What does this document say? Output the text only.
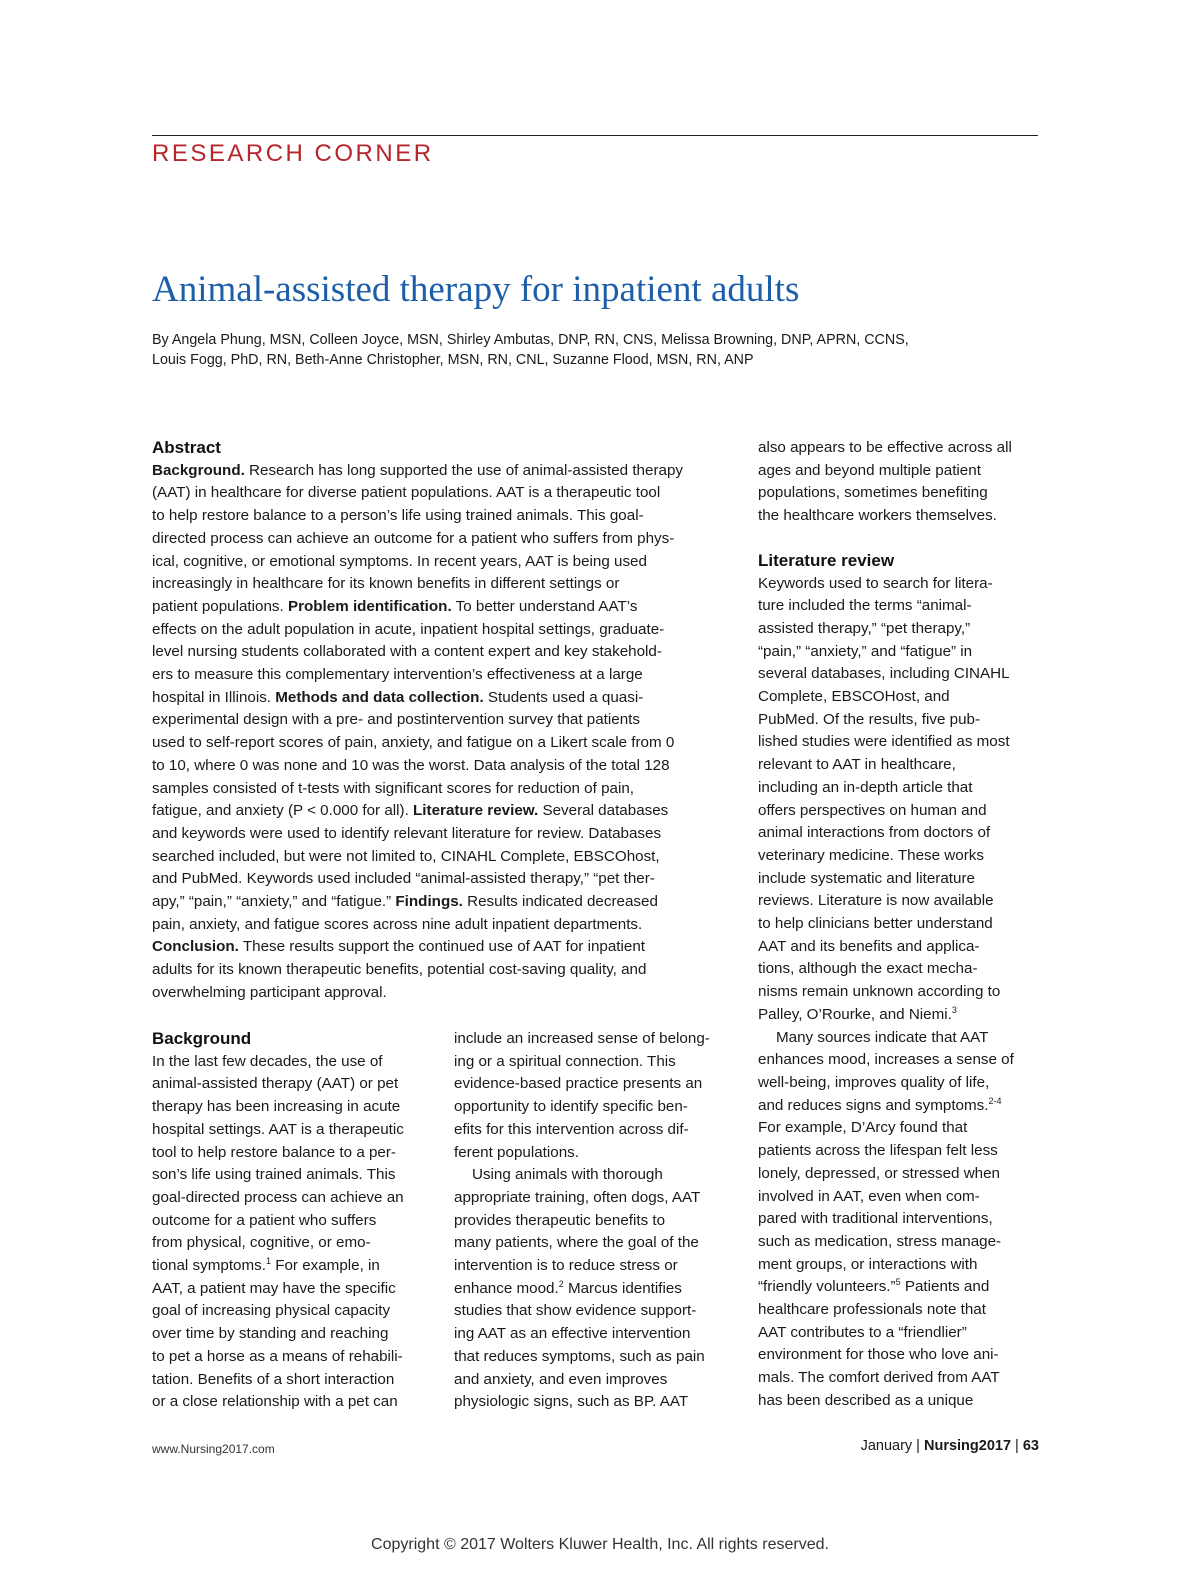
RESEARCH CORNER
Animal-assisted therapy for inpatient adults
By Angela Phung, MSN, Colleen Joyce, MSN, Shirley Ambutas, DNP, RN, CNS, Melissa Browning, DNP, APRN, CCNS,
Louis Fogg, PhD, RN, Beth-Anne Christopher, MSN, RN, CNL, Suzanne Flood, MSN, RN, ANP
Abstract
Background. Research has long supported the use of animal-assisted therapy
(AAT) in healthcare for diverse patient populations. AAT is a therapeutic tool
to help restore balance to a person’s life using trained animals. This goal-
directed process can achieve an outcome for a patient who suffers from phys-
ical, cognitive, or emotional symptoms. In recent years, AAT is being used
increasingly in healthcare for its known benefits in different settings or
patient populations. Problem identification. To better understand AAT’s
effects on the adult population in acute, inpatient hospital settings, graduate-
level nursing students collaborated with a content expert and key stakehold-
ers to measure this complementary intervention’s effectiveness at a large
hospital in Illinois. Methods and data collection. Students used a quasi-
experimental design with a pre- and postintervention survey that patients
used to self-report scores of pain, anxiety, and fatigue on a Likert scale from 0
to 10, where 0 was none and 10 was the worst. Data analysis of the total 128
samples consisted of t-tests with significant scores for reduction of pain,
fatigue, and anxiety (P < 0.000 for all). Literature review. Several databases
and keywords were used to identify relevant literature for review. Databases
searched included, but were not limited to, CINAHL Complete, EBSCOhost,
and PubMed. Keywords used included “animal-assisted therapy,” “pet ther-
apy,” “pain,” “anxiety,” and “fatigue.” Findings. Results indicated decreased
pain, anxiety, and fatigue scores across nine adult inpatient departments.
Conclusion. These results support the continued use of AAT for inpatient
adults for its known therapeutic benefits, potential cost-saving quality, and
overwhelming participant approval.
Background
In the last few decades, the use of
animal-assisted therapy (AAT) or pet
therapy has been increasing in acute
hospital settings. AAT is a therapeutic
tool to help restore balance to a per-
son’s life using trained animals. This
goal-directed process can achieve an
outcome for a patient who suffers
from physical, cognitive, or emo-
tional symptoms.$^1$ For example, in
AAT, a patient may have the specific
goal of increasing physical capacity
over time by standing and reaching
to pet a horse as a means of rehabili-
tation. Benefits of a short interaction
or a close relationship with a pet can
include an increased sense of belong-
ing or a spiritual connection. This
evidence-based practice presents an
opportunity to identify specific ben-
efits for this intervention across dif-
ferent populations.
Using animals with thorough
appropriate training, often dogs, AAT
provides therapeutic benefits to
many patients, where the goal of the
intervention is to reduce stress or
enhance mood.$^2$ Marcus identifies
studies that show evidence support-
ing AAT as an effective intervention
that reduces symptoms, such as pain
and anxiety, and even improves
physiologic signs, such as BP. AAT
also appears to be effective across all
ages and beyond multiple patient
populations, sometimes benefiting
the healthcare workers themselves.
Literature review
Keywords used to search for litera-
ture included the terms “animal-
assisted therapy,” “pet therapy,”
“pain,” “anxiety,” and “fatigue” in
several databases, including CINAHL
Complete, EBSCOHost, and
PubMed. Of the results, five pub-
lished studies were identified as most
relevant to AAT in healthcare,
including an in-depth article that
offers perspectives on human and
animal interactions from doctors of
veterinary medicine. These works
include systematic and literature
reviews. Literature is now available
to help clinicians better understand
AAT and its benefits and applica-
tions, although the exact mecha-
nisms remain unknown according to
Palley, O’Rourke, and Niemi.$^3$
Many sources indicate that AAT
enhances mood, increases a sense of
well-being, improves quality of life,
and reduces signs and symptoms.$^{2-4}$
For example, D’Arcy found that
patients across the lifespan felt less
lonely, depressed, or stressed when
involved in AAT, even when com-
pared with traditional interventions,
such as medication, stress manage-
ment groups, or interactions with
“friendly volunteers.”$^5$ Patients and
healthcare professionals note that
AAT contributes to a “friendlier”
environment for those who love ani-
mals. The comfort derived from AAT
has been described as a unique
www.Nursing2017.com	January | Nursing2017 | 63
Copyright © 2017 Wolters Kluwer Health, Inc. All rights reserved.
